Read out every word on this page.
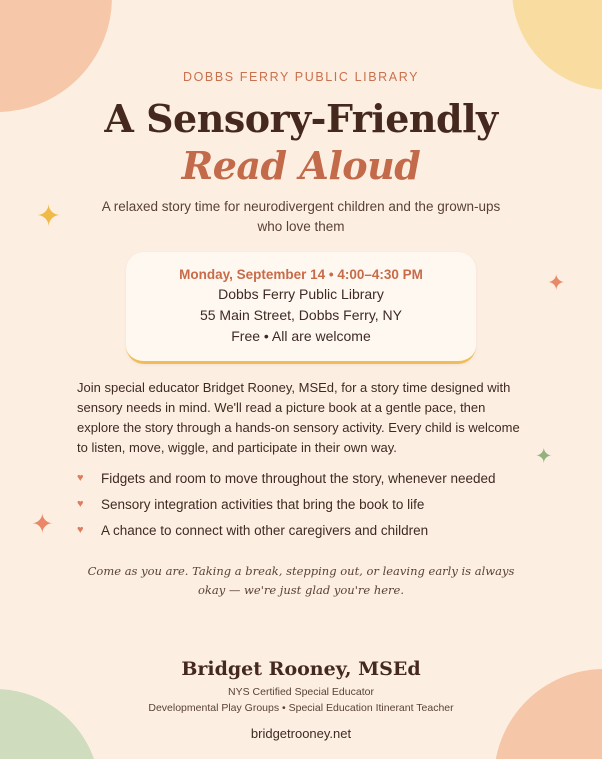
✦
✦
✦
✦
DOBBS FERRY PUBLIC LIBRARY
A Sensory-Friendly
Read Aloud
A relaxed story time for neurodivergent children and the grown-ups who love them
Monday, September 14 • 4:00–4:30 PM
Dobbs Ferry Public Library
55 Main Street, Dobbs Ferry, NY
Free • All are welcome

Join special educator Bridget Rooney, MSEd, for a story time designed with sensory needs in mind. We'll read a picture book at a gentle pace, then explore the story through a hands-on sensory activity. Every child is welcome to listen, move, wiggle, and participate in their own way.

♥	Fidgets and room to move throughout the story, whenever needed
♥	Sensory integration activities that bring the book to life
♥	A chance to connect with other caregivers and children

Come as you are. Taking a break, stepping out, or leaving early is always okay — we're just glad you're here.

Bridget Rooney, MSEd
NYS Certified Special Educator
Developmental Play Groups • Special Education Itinerant Teacher
bridgetrooney.net
